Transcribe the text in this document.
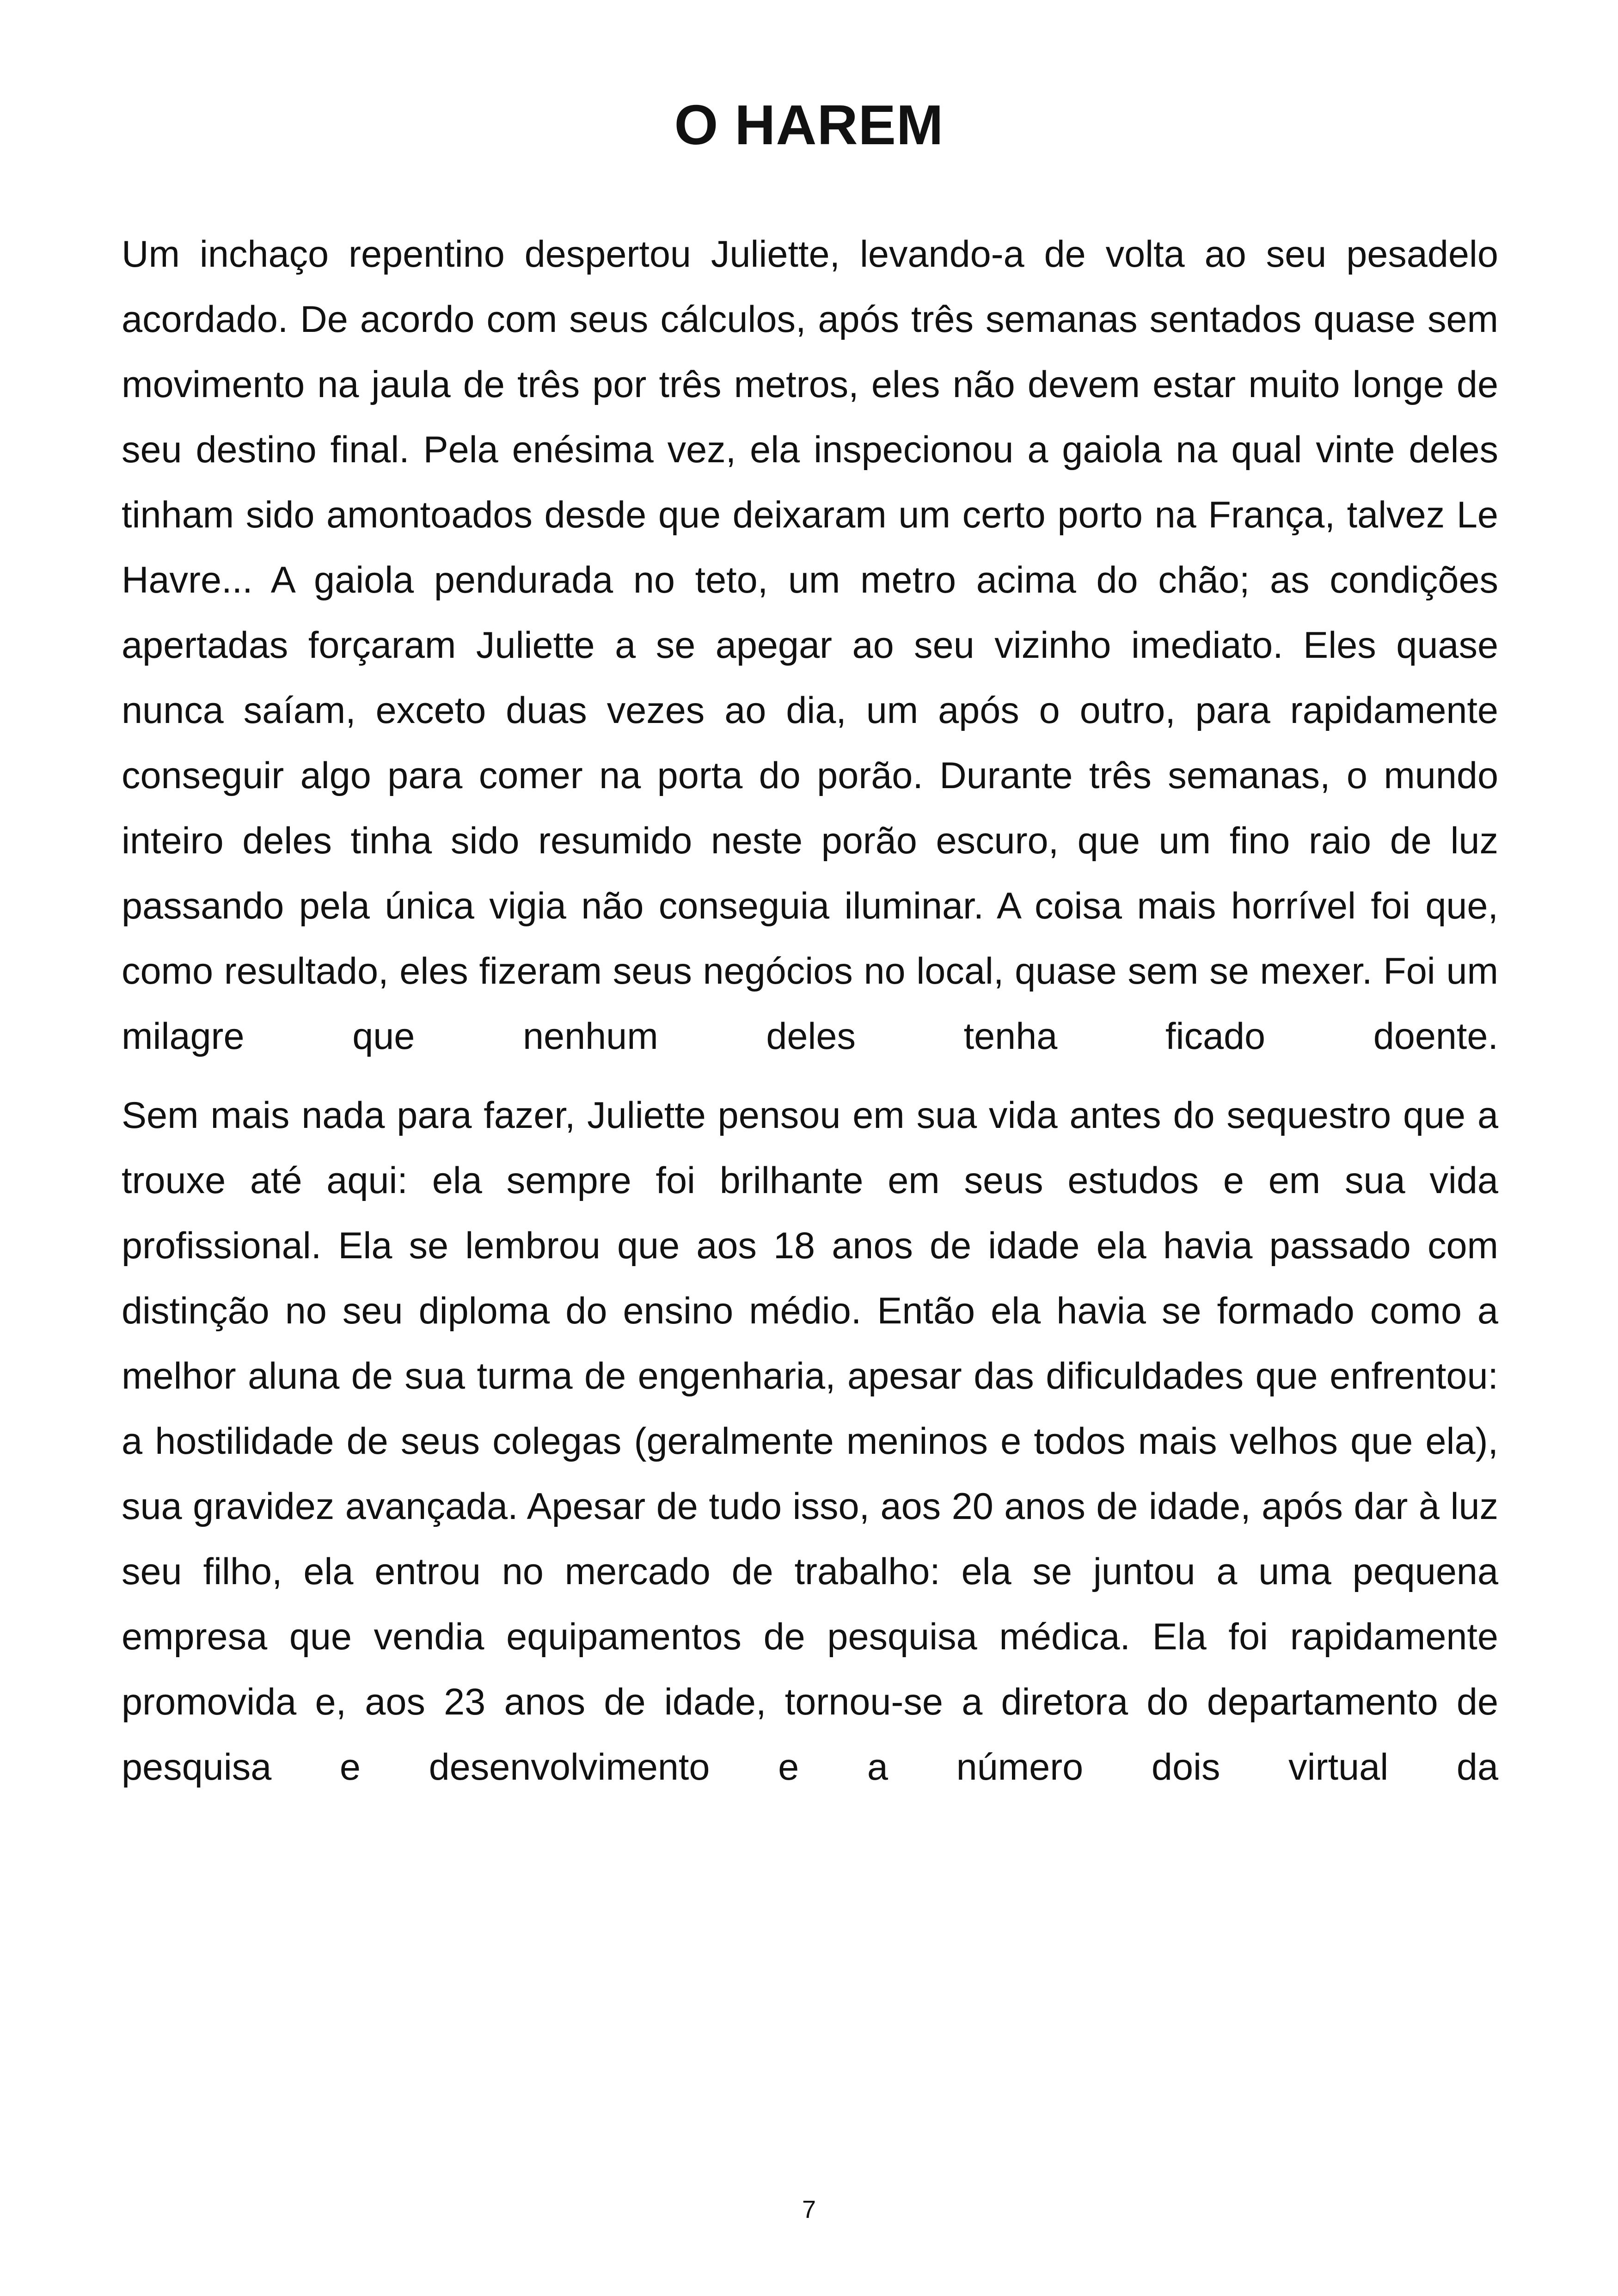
O HAREM

Um inchaço repentino despertou Juliette, levando-a de volta ao seu pesadelo acordado. De acordo com seus cálculos, após três semanas sentados quase sem movimento na jaula de três por três metros, eles não devem estar muito longe de seu destino final. Pela enésima vez, ela inspecionou a gaiola na qual vinte deles tinham sido amontoados desde que deixaram um certo porto na França, talvez Le Havre... A gaiola pendurada no teto, um metro acima do chão; as condições apertadas forçaram Juliette a se apegar ao seu vizinho imediato. Eles quase nunca saíam, exceto duas vezes ao dia, um após o outro, para rapidamente conseguir algo para comer na porta do porão. Durante três semanas, o mundo inteiro deles tinha sido resumido neste porão escuro, que um fino raio de luz passando pela única vigia não conseguia iluminar. A coisa mais horrível foi que, como resultado, eles fizeram seus negócios no local, quase sem se mexer. Foi um milagre que nenhum deles tenha	ficado doente.

Sem mais nada para fazer, Juliette pensou em sua vida antes do sequestro que a trouxe até aqui: ela sempre foi brilhante em seus estudos e em sua vida profissional. Ela se lembrou que aos 18 anos de idade ela havia passado com distinção no seu diploma do ensino médio. Então ela havia se formado como a melhor aluna de sua turma de engenharia, apesar das dificuldades que enfrentou: a hostilidade de seus colegas (geralmente meninos e todos mais velhos que ela), sua gravidez avançada. Apesar de tudo isso, aos 20 anos de idade, após dar à luz seu filho, ela entrou no mercado de trabalho: ela se juntou a uma pequena empresa que vendia equipamentos de pesquisa médica. Ela foi rapidamente promovida e, aos 23 anos de idade, tornou-se a diretora do departamento de pesquisa e desenvolvimento e a número dois virtual da

7
